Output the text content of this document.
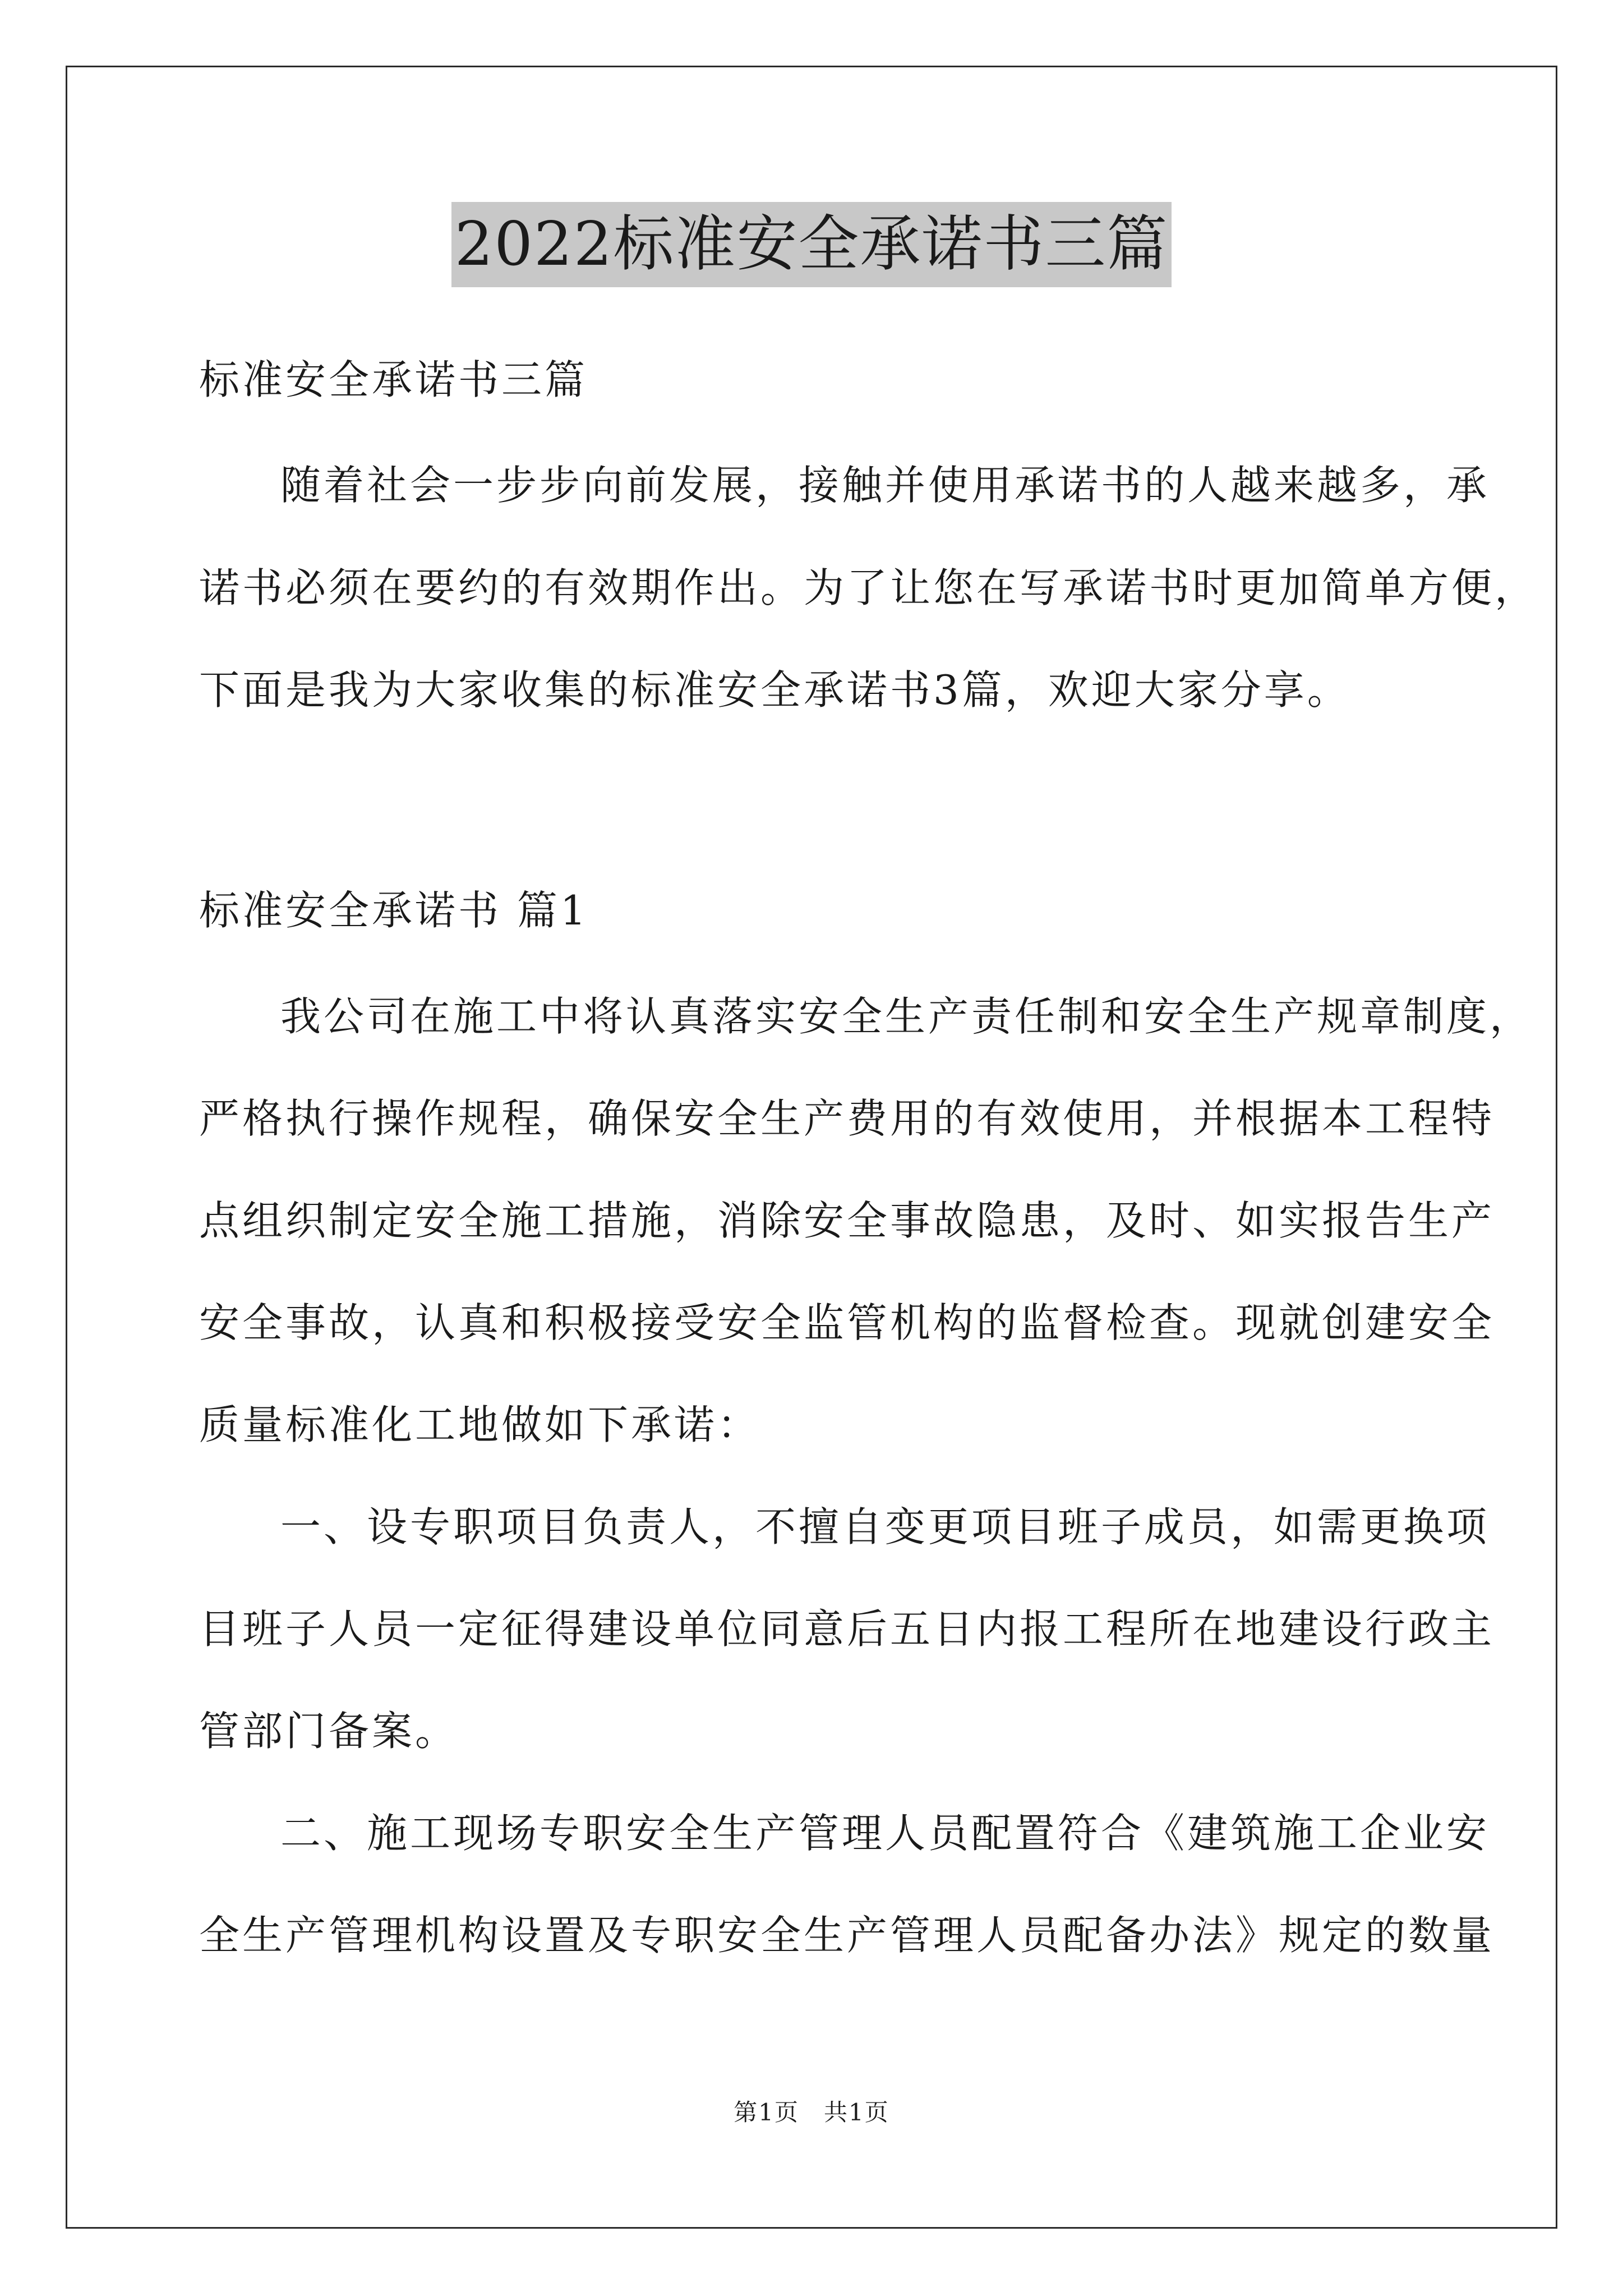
2022标准安全承诺书三篇
标准安全承诺书三篇
随着社会一步步向前发展，接触并使用承诺书的人越来越多，承
诺书必须在要约的有效期作出。为了让您在写承诺书时更加简单方便，
下面是我为大家收集的标准安全承诺书3篇，欢迎大家分享。
标准安全承诺书 篇1
我公司在施工中将认真落实安全生产责任制和安全生产规章制度，
严格执行操作规程，确保安全生产费用的有效使用，并根据本工程特
点组织制定安全施工措施，消除安全事故隐患，及时、如实报告生产
安全事故，认真和积极接受安全监管机构的监督检查。现就创建安全
质量标准化工地做如下承诺：
一、设专职项目负责人，不擅自变更项目班子成员，如需更换项
目班子人员一定征得建设单位同意后五日内报工程所在地建设行政主
管部门备案。
二、施工现场专职安全生产管理人员配置符合《建筑施工企业安
全生产管理机构设置及专职安全生产管理人员配备办法》规定的数量
第1页　共1页
